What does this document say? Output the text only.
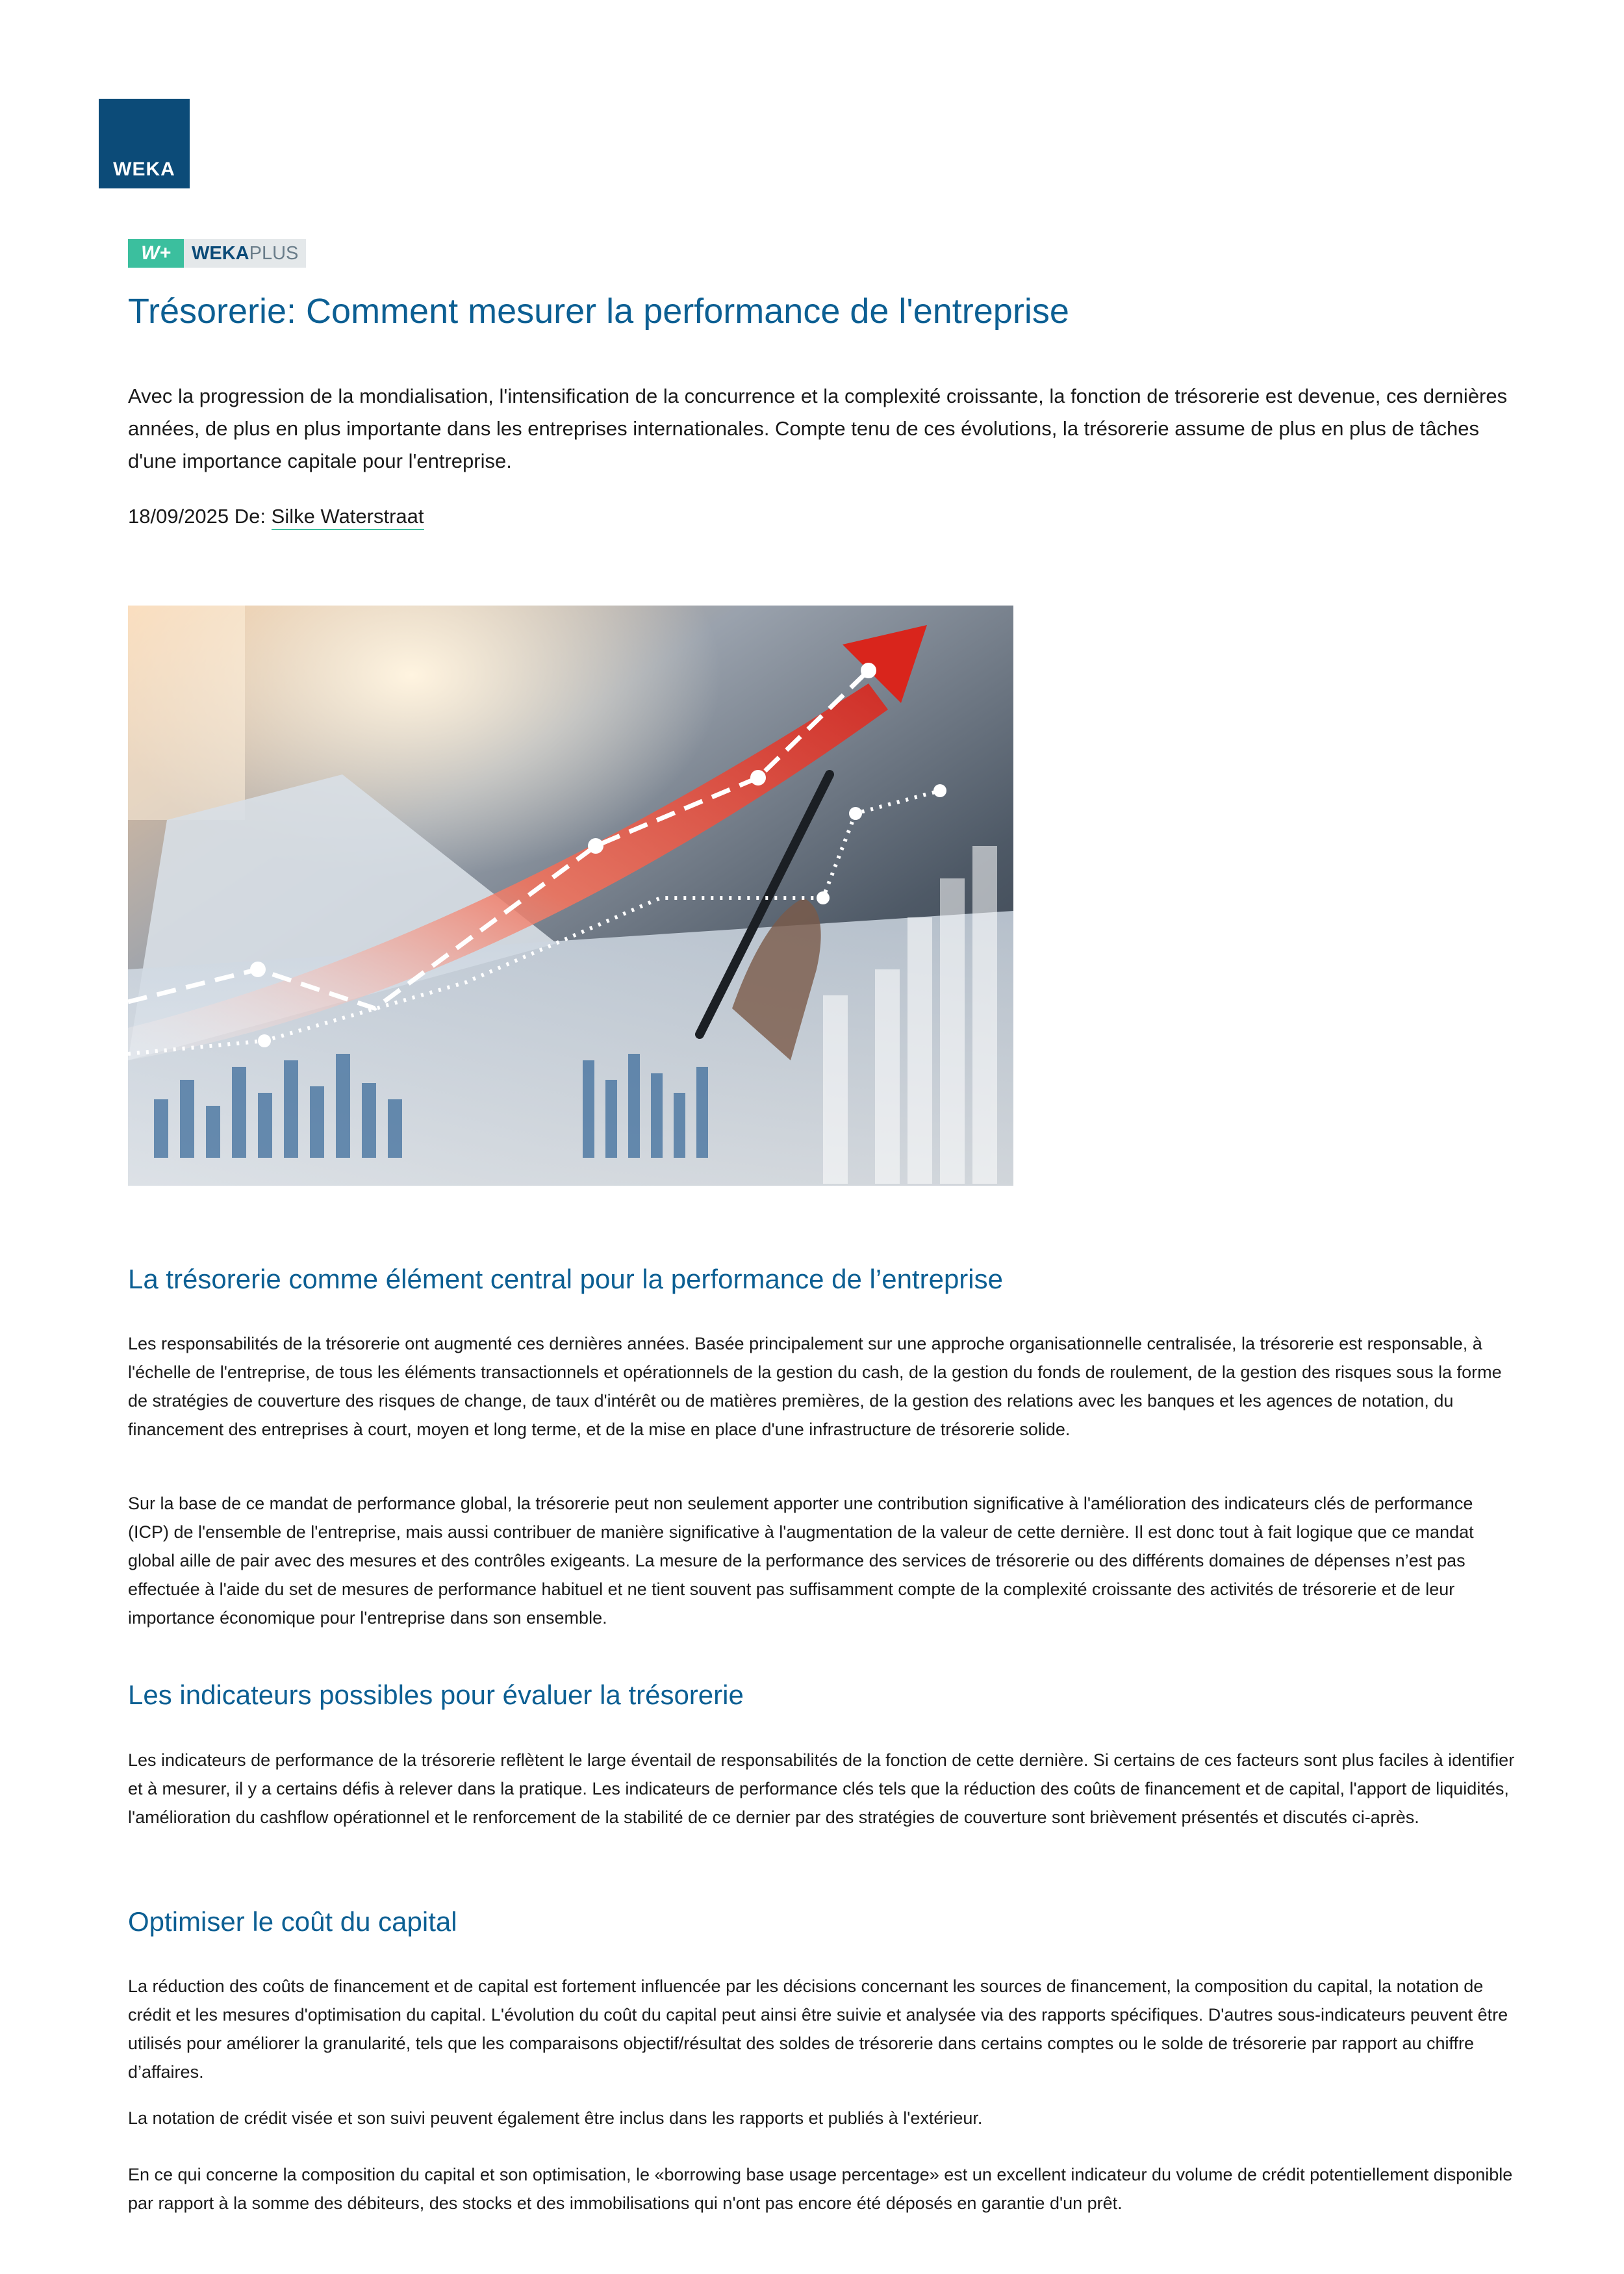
WEKA
W+	WEKA PLUS
Trésorerie: Comment mesurer la performance de l'entreprise

Avec la progression de la mondialisation, l'intensification de la concurrence et la complexité croissante, la fonction de trésorerie est devenue, ces dernières années, de plus en plus importante dans les entreprises internationales. Compte tenu de ces évolutions, la trésorerie assume de plus en plus de tâches d'une importance capitale pour l'entreprise.

18/09/2025 De: Silke Waterstraat
La trésorerie comme élément central pour la performance de l’entreprise

Les responsabilités de la trésorerie ont augmenté ces dernières années. Basée principalement sur une approche organisationnelle centralisée, la trésorerie est responsable, à l'échelle de l'entreprise, de tous les éléments transactionnels et opérationnels de la gestion du cash, de la gestion du fonds de roulement, de la gestion des risques sous la forme de stratégies de couverture des risques de change, de taux d'intérêt ou de matières premières, de la gestion des relations avec les banques et les agences de notation, du financement des entreprises à court, moyen et long terme, et de la mise en place d'une infrastructure de trésorerie solide.

Sur la base de ce mandat de performance global, la trésorerie peut non seulement apporter une contribution significative à l'amélioration des indicateurs clés de performance (ICP) de l'ensemble de l'entreprise, mais aussi contribuer de manière significative à l'augmentation de la valeur de cette dernière. Il est donc tout à fait logique que ce mandat global aille de pair avec des mesures et des contrôles exigeants. La mesure de la performance des services de trésorerie ou des différents domaines de dépenses n’est pas effectuée à l'aide du set de mesures de performance habituel et ne tient souvent pas suffisamment compte de la complexité croissante des activités de trésorerie et de leur importance économique pour l'entreprise dans son ensemble.

Les indicateurs possibles pour évaluer la trésorerie

Les indicateurs de performance de la trésorerie reflètent le large éventail de responsabilités de la fonction de cette dernière. Si certains de ces facteurs sont plus faciles à identifier et à mesurer, il y a certains défis à relever dans la pratique. Les indicateurs de performance clés tels que la réduction des coûts de financement et de capital, l'apport de liquidités, l'amélioration du cashflow opérationnel et le renforcement de la stabilité de ce dernier par des stratégies de couverture sont brièvement présentés et discutés ci-après.

Optimiser le coût du capital

La réduction des coûts de financement et de capital est fortement influencée par les décisions concernant les sources de financement, la composition du capital, la notation de crédit et les mesures d'optimisation du capital. L'évolution du coût du capital peut ainsi être suivie et analysée via des rapports spécifiques. D'autres sous-indicateurs peuvent être utilisés pour améliorer la granularité, tels que les comparaisons objectif/résultat des soldes de trésorerie dans certains comptes ou le solde de trésorerie par rapport au chiffre d’affaires.

La notation de crédit visée et son suivi peuvent également être inclus dans les rapports et publiés à l'extérieur.

En ce qui concerne la composition du capital et son optimisation, le «borrowing base usage percentage» est un excellent indicateur du volume de crédit potentiellement disponible par rapport à la somme des débiteurs, des stocks et des immobilisations qui n'ont pas encore été déposés en garantie d'un prêt.
